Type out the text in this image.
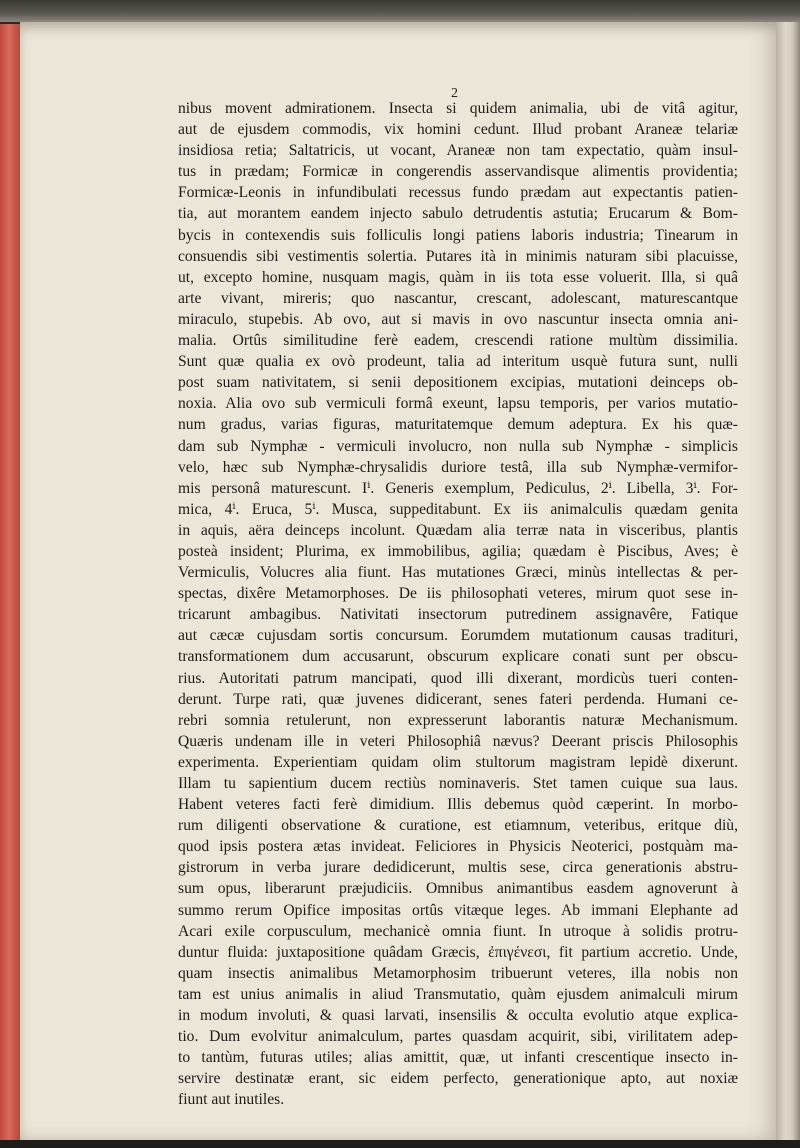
2
nibus movent admirationem. Insecta si quidem animalia, ubi de vitâ agitur,
aut de ejusdem commodis, vix homini cedunt. Illud probant Araneæ telariæ
insidiosa retia; Saltatricis, ut vocant, Araneæ non tam expectatio, quàm insul-
tus in prædam; Formicæ in congerendis asservandisque alimentis providentia;
Formicæ-Leonis in infundibulati recessus fundo prædam aut expectantis patien-
tia, aut morantem eandem injecto sabulo detrudentis astutia; Erucarum & Bom-
bycis in contexendis suis folliculis longi patiens laboris industria; Tinearum in
consuendis sibi vestimentis solertia. Putares ità in minimis naturam sibi placuisse,
ut, excepto homine, nusquam magis, quàm in iis tota esse voluerit. Illa, si quâ
arte vivant, mireris; quo nascantur, crescant, adolescant, maturescantque
miraculo, stupebis. Ab ovo, aut si mavis in ovo nascuntur insecta omnia ani-
malia. Ortûs similitudine ferè eadem, crescendi ratione multùm dissimilia.
Sunt quæ qualia ex ovò prodeunt, talia ad interitum usquè futura sunt, nulli
post suam nativitatem, si senii depositionem excipias, mutationi deinceps ob-
noxia. Alia ovo sub vermiculi formâ exeunt, lapsu temporis, per varios mutatio-
num gradus, varias figuras, maturitatemque demum adeptura. Ex his quæ-
dam sub Nymphæ - vermiculi involucro, non nulla sub Nymphæ - simplicis
velo, hæc sub Nymphæ-chrysalidis duriore testâ, illa sub Nymphæ-vermifor-
mis personâ maturescunt. Iⁱ. Generis exemplum, Pediculus, 2ⁱ. Libella, 3ⁱ. For-
mica, 4ⁱ. Eruca, 5ⁱ. Musca, suppeditabunt. Ex iis animalculis quædam genita
in aquis, aëra deinceps incolunt. Quædam alia terræ nata in visceribus, plantis
posteà insident; Plurima, ex immobilibus, agilia; quædam è Piscibus, Aves; è
Vermiculis, Volucres alia fiunt. Has mutationes Græci, minùs intellectas & per-
spectas, dixêre Metamorphoses. De iis philosophati veteres, mirum quot sese in-
tricarunt ambagibus. Nativitati insectorum putredinem assignavêre, Fatique
aut cæcæ cujusdam sortis concursum. Eorumdem mutationum causas tradituri,
transformationem dum accusarunt, obscurum explicare conati sunt per obscu-
rius. Autoritati patrum mancipati, quod illi dixerant, mordicùs tueri conten-
derunt. Turpe rati, quæ juvenes didicerant, senes fateri perdenda. Humani ce-
rebri somnia retulerunt, non expresserunt laborantis naturæ Mechanismum.
Quæris undenam ille in veteri Philosophiâ nævus? Deerant priscis Philosophis
experimenta. Experientiam quidam olim stultorum magistram lepidè dixerunt.
Illam tu sapientium ducem rectiùs nominaveris. Stet tamen cuique sua laus.
Habent veteres facti ferè dimidium. Illis debemus quòd cæperint. In morbo-
rum diligenti observatione & curatione, est etiamnum, veteribus, eritque diù,
quod ipsis postera ætas invideat. Feliciores in Physicis Neoterici, postquàm ma-
gistrorum in verba jurare dedidicerunt, multis sese, circa generationis abstru-
sum opus, liberarunt præjudiciis. Omnibus animantibus easdem agnoverunt à
summo rerum Opifice impositas ortûs vitæque leges. Ab immani Elephante ad
Acari exile corpusculum, mechanicè omnia fiunt. In utroque à solidis protru-
duntur fluida: juxtapositione quâdam Græcis, ἐπιγένεσι, fit partium accretio. Unde,
quam insectis animalibus Metamorphosim tribuerunt veteres, illa nobis non
tam est unius animalis in aliud Transmutatio, quàm ejusdem animalculi mirum
in modum involuti, & quasi larvati, insensilis & occulta evolutio atque explica-
tio. Dum evolvitur animalculum, partes quasdam acquirit, sibi, virilitatem adep-
to tantùm, futuras utiles; alias amittit, quæ, ut infanti crescentique insecto in-
servire destinatæ erant, sic eidem perfecto, generationique apto, aut noxiæ
fiunt aut inutiles.
